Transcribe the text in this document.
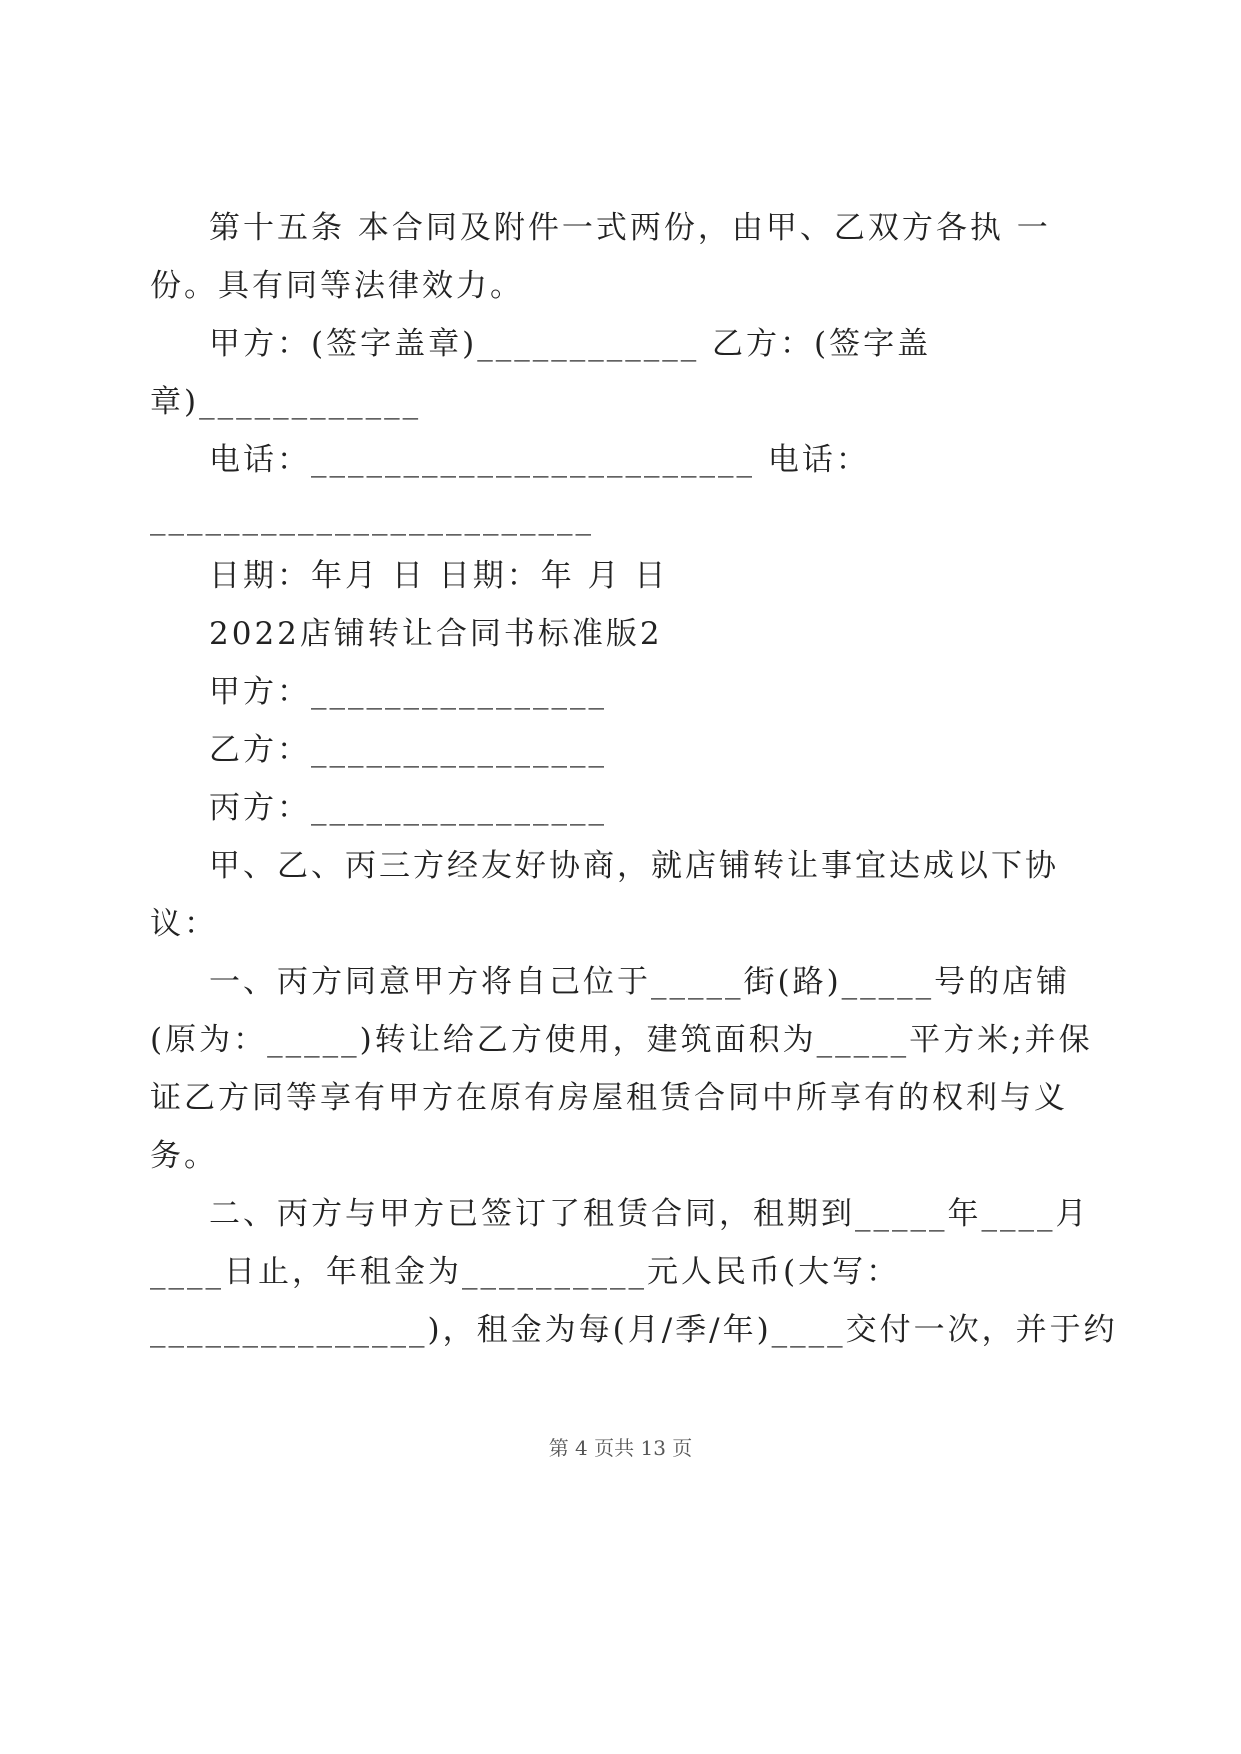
第十五条 本合同及附件一式两份，由甲、乙双方各执 一
份。具有同等法律效力。
甲方：(签字盖章)____________ 乙方：(签字盖
章)____________
电话：________________________ 电话：
________________________
日期：年月 日 日期：年 月 日
2022店铺转让合同书标准版2
甲方：________________
乙方：________________
丙方：________________
甲、乙、丙三方经友好协商，就店铺转让事宜达成以下协
议：
一、丙方同意甲方将自己位于_____街(路)_____号的店铺
(原为：_____)转让给乙方使用，建筑面积为_____平方米;并保
证乙方同等享有甲方在原有房屋租赁合同中所享有的权利与义
务。
二、丙方与甲方已签订了租赁合同，租期到_____年____月
____日止，年租金为__________元人民币(大写：
_______________)，租金为每(月/季/年)____交付一次，并于约
第 4 页共 13 页
